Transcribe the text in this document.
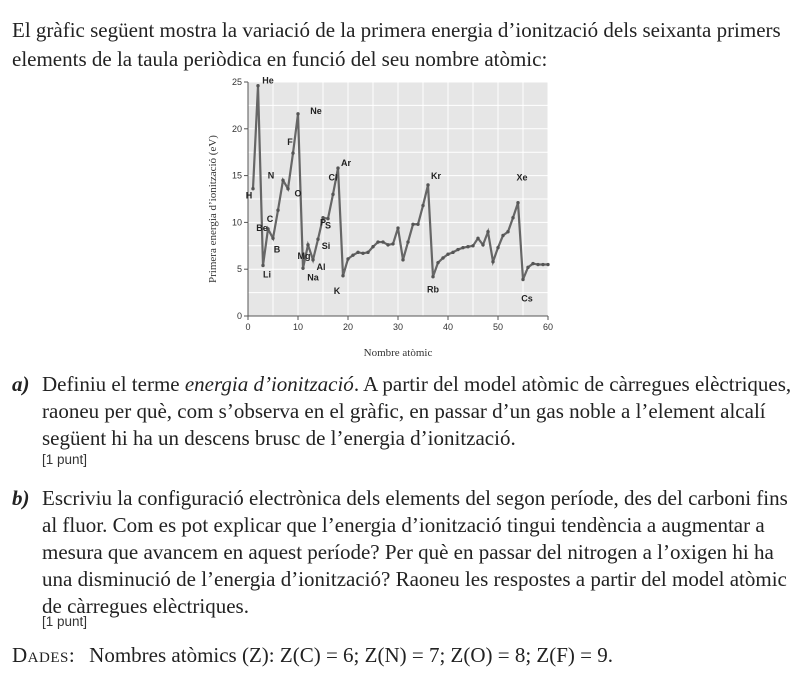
El gràfic següent mostra la variació de la primera energia d’ionització dels seixanta primers elements de la taula periòdica en funció del seu nombre atòmic:
0	10	20	30	40	50	60
0
5
10
15
20
25
Nombre atòmic
Primera energia d’ionització (eV)	H
He
Li
Be
B
C
N
O
F
Ne
Na
Mg
Al
Si
P
S
Cl
Ar
K
Kr
Rb
Xe
Cs
a) Definiu el terme energia d’ionització. A partir del model atòmic de càrregues elèctriques, raoneu per què, com s’observa en el gràfic, en passar d’un gas noble a l’element alcalí següent hi ha un descens brusc de l’energia d’ionització.
[1 punt]
b) Escriviu la configuració electrònica dels elements del segon període, des del carboni fins al fluor. Com es pot explicar que l’energia d’ionització tingui tendència a augmentar a mesura que avancem en aquest període? Per què en passar del nitrogen a l’oxigen hi ha una disminució de l’energia d’ionització? Raoneu les respostes a partir del model atòmic de càrregues elèctriques.
[1 punt]
Dades: Nombres atòmics (Z): Z(C) = 6; Z(N) = 7; Z(O) = 8; Z(F) = 9.
